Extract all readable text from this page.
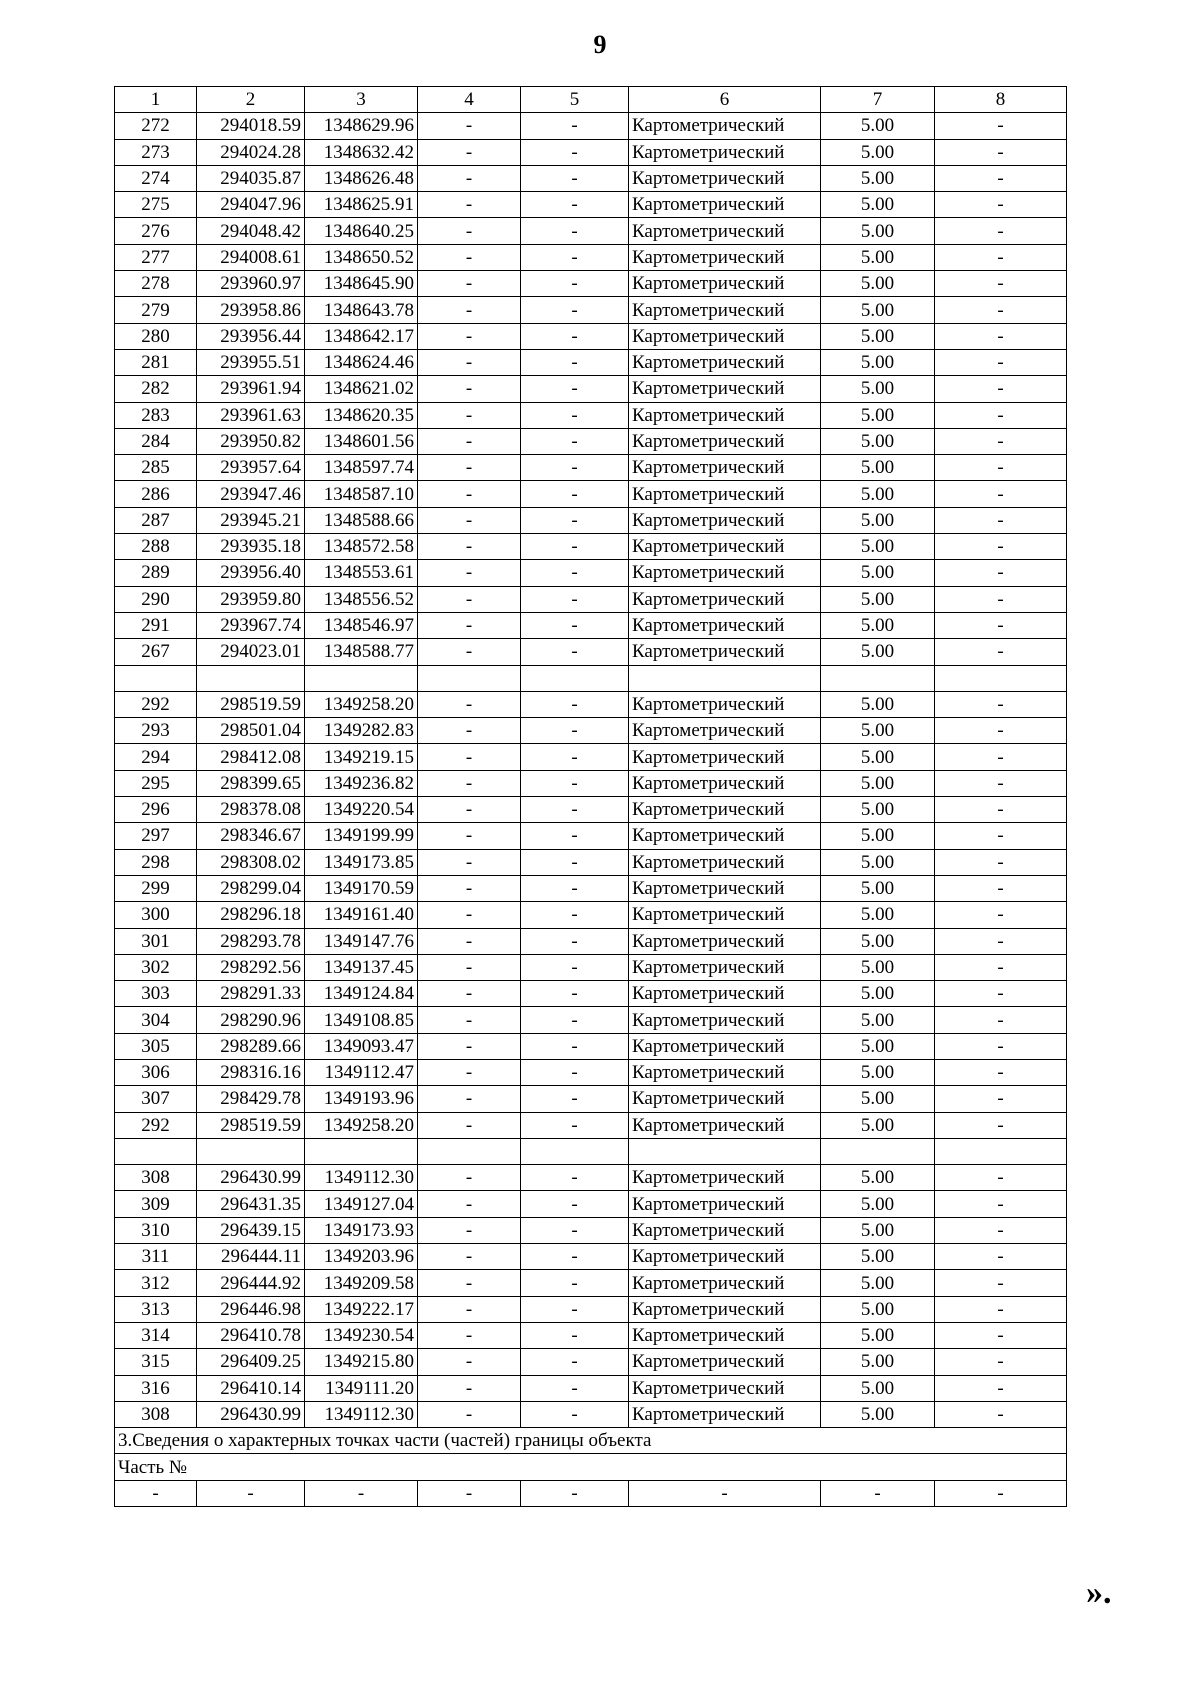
9
1	2	3	4	5	6	7	8
272	294018.59	1348629.96	-	-	Картометрический	5.00	-
273	294024.28	1348632.42	-	-	Картометрический	5.00	-
274	294035.87	1348626.48	-	-	Картометрический	5.00	-
275	294047.96	1348625.91	-	-	Картометрический	5.00	-
276	294048.42	1348640.25	-	-	Картометрический	5.00	-
277	294008.61	1348650.52	-	-	Картометрический	5.00	-
278	293960.97	1348645.90	-	-	Картометрический	5.00	-
279	293958.86	1348643.78	-	-	Картометрический	5.00	-
280	293956.44	1348642.17	-	-	Картометрический	5.00	-
281	293955.51	1348624.46	-	-	Картометрический	5.00	-
282	293961.94	1348621.02	-	-	Картометрический	5.00	-
283	293961.63	1348620.35	-	-	Картометрический	5.00	-
284	293950.82	1348601.56	-	-	Картометрический	5.00	-
285	293957.64	1348597.74	-	-	Картометрический	5.00	-
286	293947.46	1348587.10	-	-	Картометрический	5.00	-
287	293945.21	1348588.66	-	-	Картометрический	5.00	-
288	293935.18	1348572.58	-	-	Картометрический	5.00	-
289	293956.40	1348553.61	-	-	Картометрический	5.00	-
290	293959.80	1348556.52	-	-	Картометрический	5.00	-
291	293967.74	1348546.97	-	-	Картометрический	5.00	-
267	294023.01	1348588.77	-	-	Картометрический	5.00	-

292	298519.59	1349258.20	-	-	Картометрический	5.00	-
293	298501.04	1349282.83	-	-	Картометрический	5.00	-
294	298412.08	1349219.15	-	-	Картометрический	5.00	-
295	298399.65	1349236.82	-	-	Картометрический	5.00	-
296	298378.08	1349220.54	-	-	Картометрический	5.00	-
297	298346.67	1349199.99	-	-	Картометрический	5.00	-
298	298308.02	1349173.85	-	-	Картометрический	5.00	-
299	298299.04	1349170.59	-	-	Картометрический	5.00	-
300	298296.18	1349161.40	-	-	Картометрический	5.00	-
301	298293.78	1349147.76	-	-	Картометрический	5.00	-
302	298292.56	1349137.45	-	-	Картометрический	5.00	-
303	298291.33	1349124.84	-	-	Картометрический	5.00	-
304	298290.96	1349108.85	-	-	Картометрический	5.00	-
305	298289.66	1349093.47	-	-	Картометрический	5.00	-
306	298316.16	1349112.47	-	-	Картометрический	5.00	-
307	298429.78	1349193.96	-	-	Картометрический	5.00	-
292	298519.59	1349258.20	-	-	Картометрический	5.00	-

308	296430.99	1349112.30	-	-	Картометрический	5.00	-
309	296431.35	1349127.04	-	-	Картометрический	5.00	-
310	296439.15	1349173.93	-	-	Картометрический	5.00	-
311	296444.11	1349203.96	-	-	Картометрический	5.00	-
312	296444.92	1349209.58	-	-	Картометрический	5.00	-
313	296446.98	1349222.17	-	-	Картометрический	5.00	-
314	296410.78	1349230.54	-	-	Картометрический	5.00	-
315	296409.25	1349215.80	-	-	Картометрический	5.00	-
316	296410.14	1349111.20	-	-	Картометрический	5.00	-
308	296430.99	1349112.30	-	-	Картометрический	5.00	-
3.Сведения о характерных точках части (частей) границы объекта							
Часть №							
-	-	-	-	-	-	-	-
».
